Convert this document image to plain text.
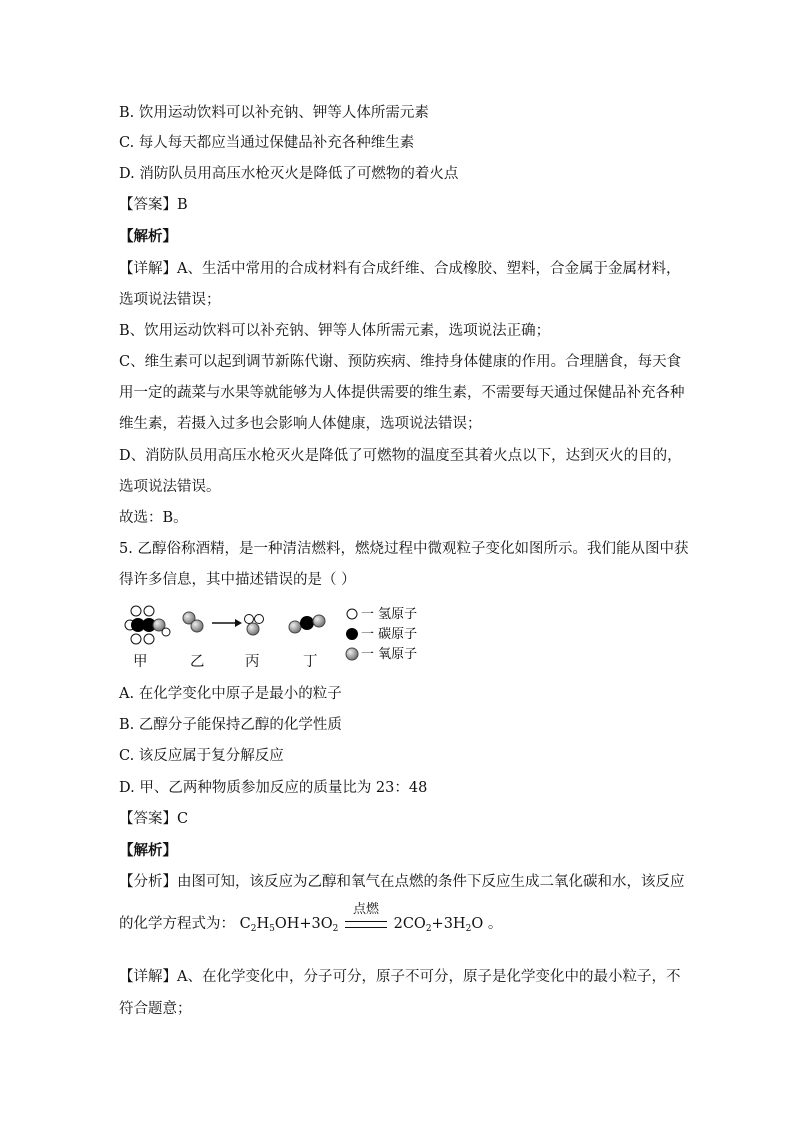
B. 饮用运动饮料可以补充钠、钾等人体所需元素
C. 每人每天都应当通过保健品补充各种维生素
D. 消防队员用高压水枪灭火是降低了可燃物的着火点
【答案】B
【解析】
【详解】A、生活中常用的合成材料有合成纤维、合成橡胶、塑料，合金属于金属材料，
选项说法错误；
B、饮用运动饮料可以补充钠、钾等人体所需元素，选项说法正确；
C、维生素可以起到调节新陈代谢、预防疾病、维持身体健康的作用。合理膳食，每天食
用一定的蔬菜与水果等就能够为人体提供需要的维生素，不需要每天通过保健品补充各种
维生素，若摄入过多也会影响人体健康，选项说法错误；
D、消防队员用高压水枪灭火是降低了可燃物的温度至其着火点以下，达到灭火的目的，
选项说法错误。
故选：B。
5. 乙醇俗称酒精，是一种清洁燃料，燃烧过程中微观粒子变化如图所示。我们能从图中获
得许多信息，其中描述错误的是（ ）
一 氢原子
一 碳原子
一 氧原子
甲	乙	丙	丁
A. 在化学变化中原子是最小的粒子
B. 乙醇分子能保持乙醇的化学性质
C. 该反应属于复分解反应
D. 甲、乙两种物质参加反应的质量比为 23：48
【答案】C
【解析】
【分析】由图可知，该反应为乙醇和氧气在点燃的条件下反应生成二氧化碳和水，该反应
的化学方程式为： $C_2H_5OH+3O_2$
点燃
$2CO_2+3H_2O$ 。
【详解】A、在化学变化中，分子可分，原子不可分，原子是化学变化中的最小粒子，不
符合题意；
